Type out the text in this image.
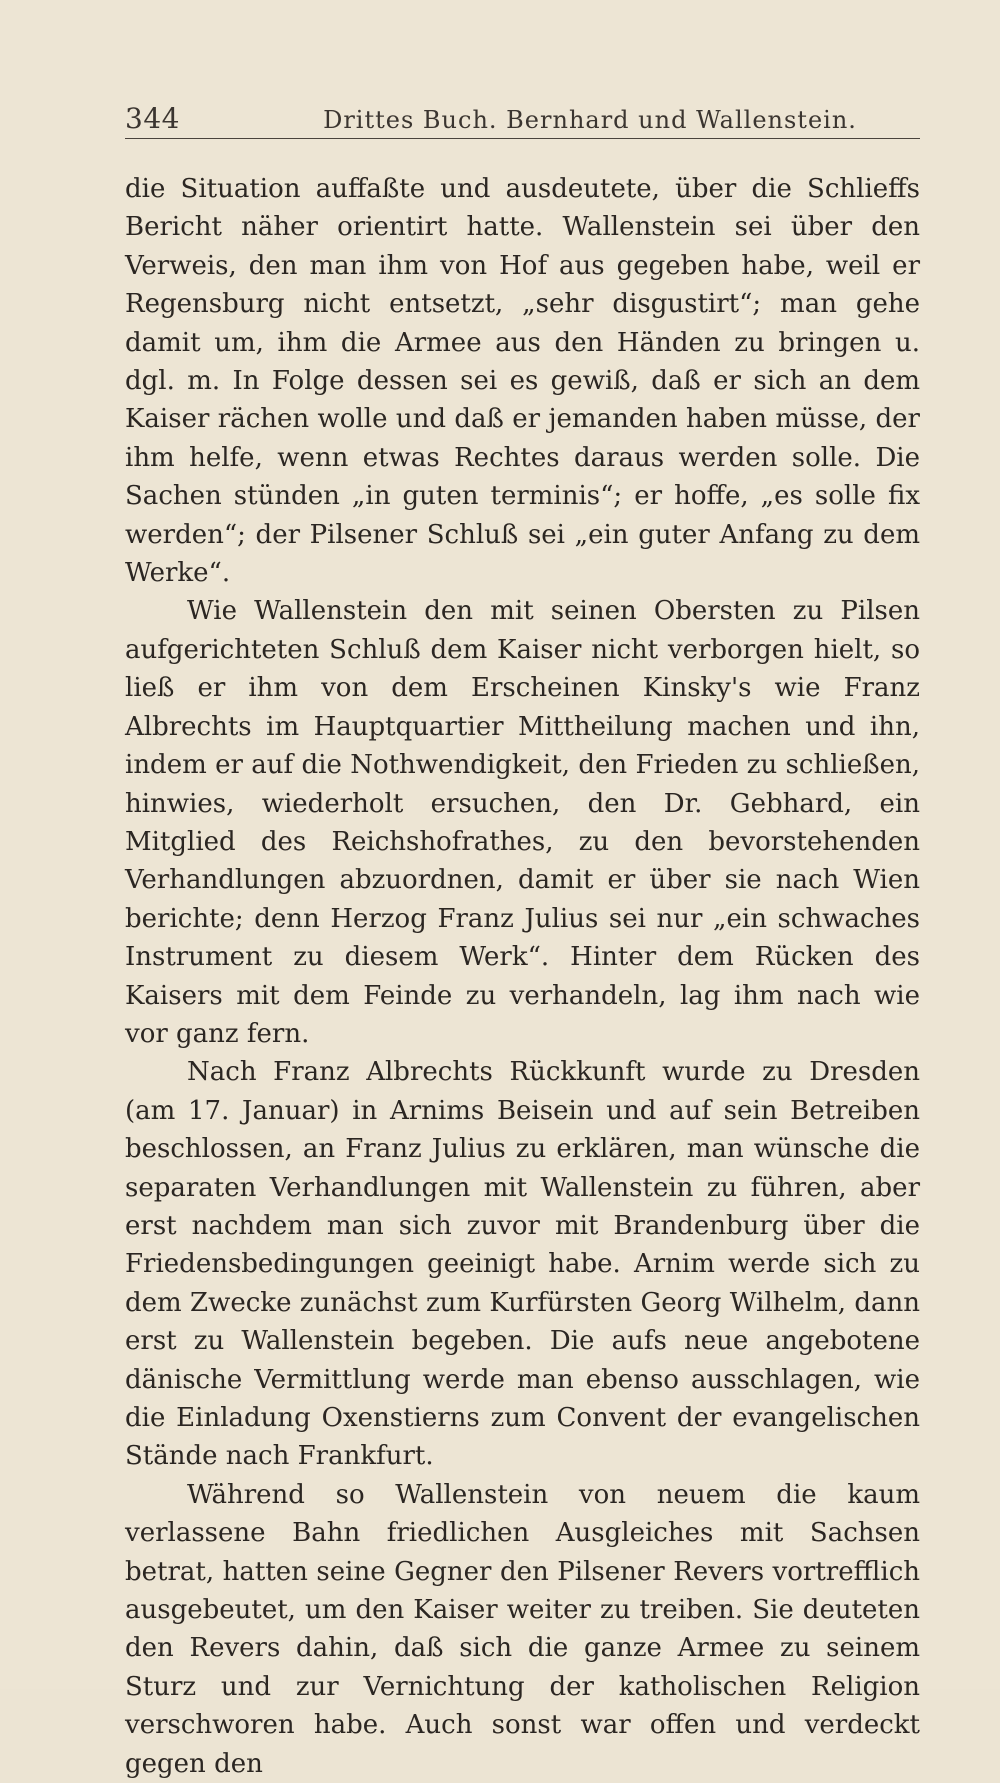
344	Drittes Buch. Bernhard und Wallenstein.

die Situation auffaßte und ausdeutete, über die Schlieffs Bericht näher orientirt hatte. Wallenstein sei über den Verweis, den man ihm von Hof aus gegeben habe, weil er Regensburg nicht entsetzt, „sehr disgustirt“; man gehe damit um, ihm die Armee aus den Händen zu bringen u. dgl. m. In Folge dessen sei es gewiß, daß er sich an dem Kaiser rächen wolle und daß er jemanden haben müsse, der ihm helfe, wenn etwas Rechtes daraus werden solle. Die Sachen stünden „in guten terminis“; er hoffe, „es solle fix werden“; der Pilsener Schluß sei „ein guter Anfang zu dem Werke“.

Wie Wallenstein den mit seinen Obersten zu Pilsen aufgerichteten Schluß dem Kaiser nicht verborgen hielt, so ließ er ihm von dem Erscheinen Kinsky's wie Franz Albrechts im Hauptquartier Mittheilung machen und ihn, indem er auf die Nothwendigkeit, den Frieden zu schließen, hinwies, wiederholt ersuchen, den Dr. Gebhard, ein Mitglied des Reichshofrathes, zu den bevorstehenden Verhandlungen abzuordnen, damit er über sie nach Wien berichte; denn Herzog Franz Julius sei nur „ein schwaches Instrument zu diesem Werk“. Hinter dem Rücken des Kaisers mit dem Feinde zu verhandeln, lag ihm nach wie vor ganz fern.

Nach Franz Albrechts Rückkunft wurde zu Dresden (am 17. Januar) in Arnims Beisein und auf sein Betreiben beschlossen, an Franz Julius zu erklären, man wünsche die separaten Verhandlungen mit Wallenstein zu führen, aber erst nachdem man sich zuvor mit Brandenburg über die Friedensbedingungen geeinigt habe. Arnim werde sich zu dem Zwecke zunächst zum Kurfürsten Georg Wilhelm, dann erst zu Wallenstein begeben. Die aufs neue angebotene dänische Vermittlung werde man ebenso ausschlagen, wie die Einladung Oxenstierns zum Convent der evangelischen Stände nach Frankfurt.

Während so Wallenstein von neuem die kaum verlassene Bahn friedlichen Ausgleiches mit Sachsen betrat, hatten seine Gegner den Pilsener Revers vortrefflich ausgebeutet, um den Kaiser weiter zu treiben. Sie deuteten den Revers dahin, daß sich die ganze Armee zu seinem Sturz und zur Vernichtung der katholischen Religion verschworen habe. Auch sonst war offen und verdeckt gegen den
